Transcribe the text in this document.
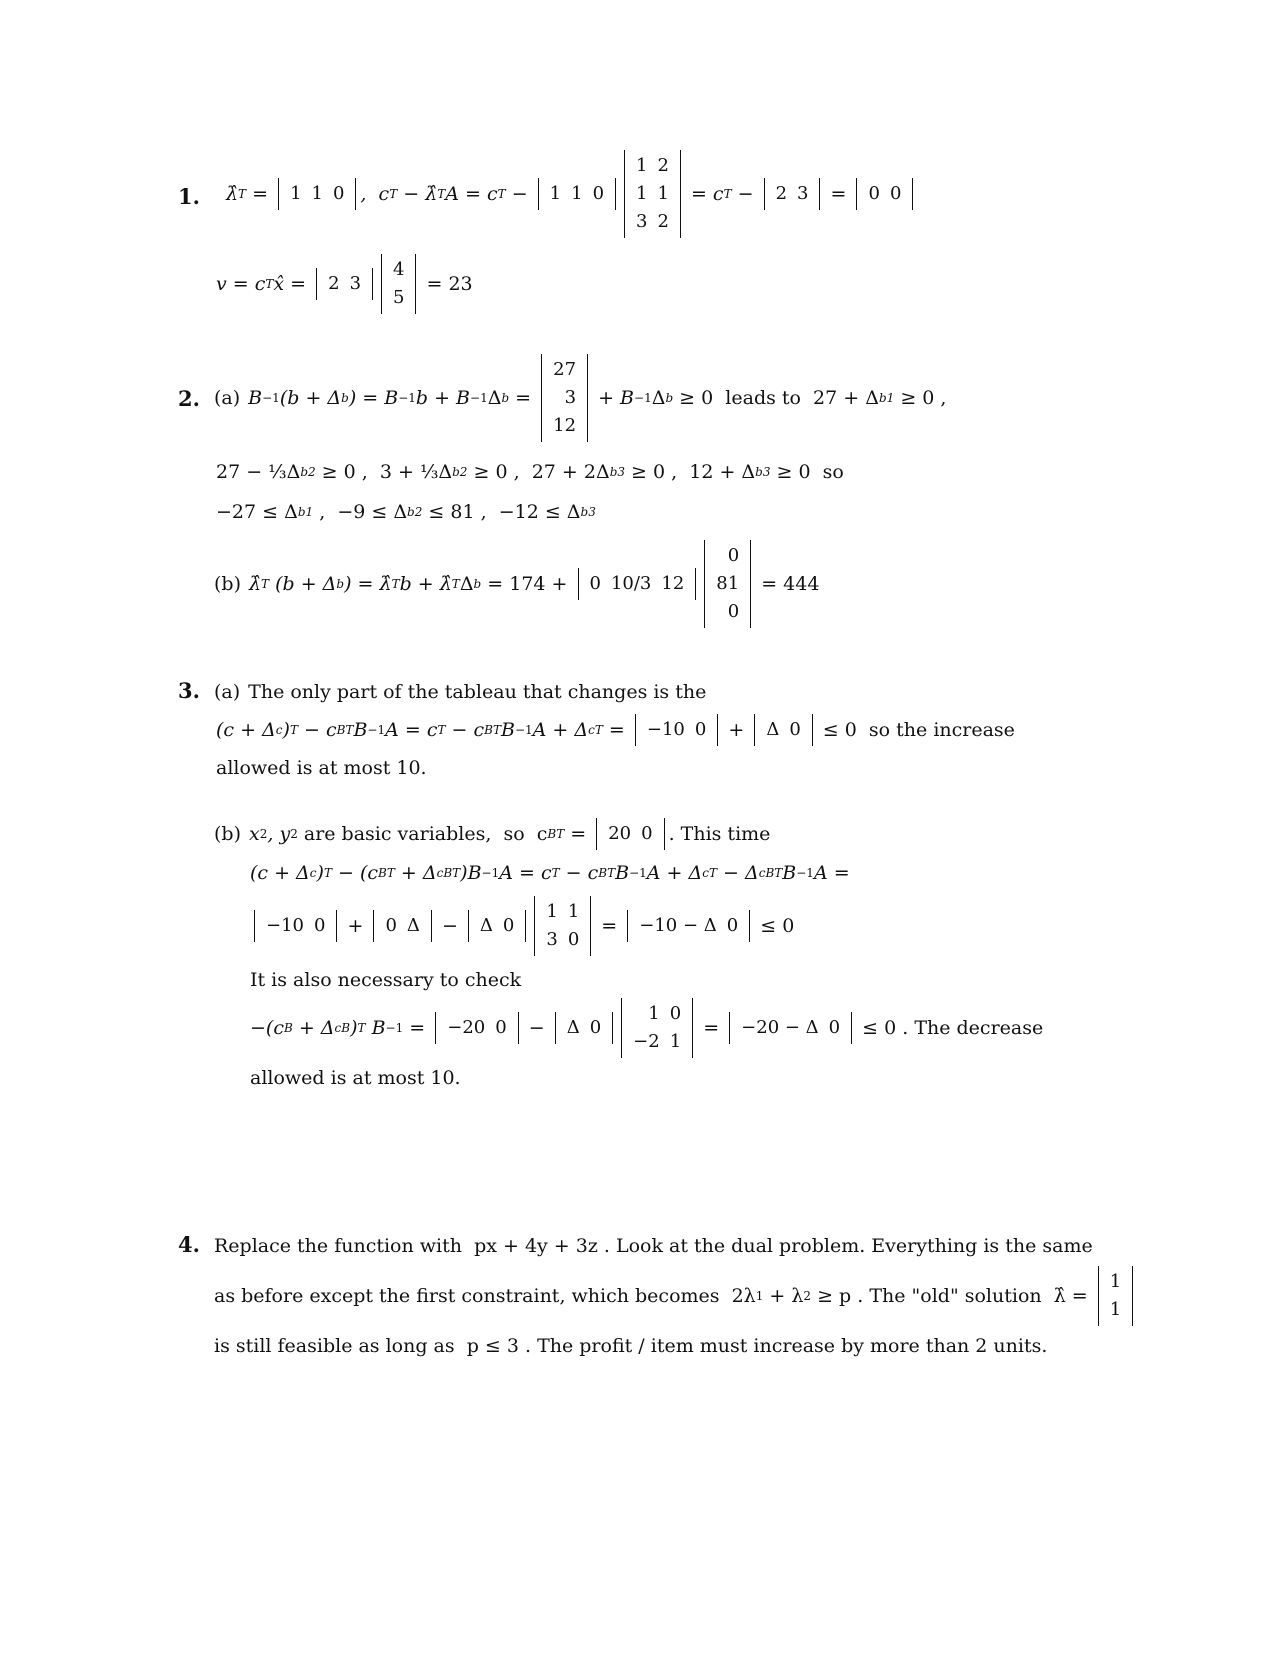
1. λ̂ T = 1	1	0 ,  c T − λ̂ T A = c T − 1	1	0
1	2
1	1
3	2
= c T − 2	3 = 0	0
v = c T x̂ = 2	3
4
5
= 23
2. (a) B −1 (b + Δ b ) = B −1 b + B −1 Δ b =
27
3
12
+ B −1 Δ b ≥ 0  leads to  27 + Δ b1 ≥ 0 ,
27 − ⅓Δ b2 ≥ 0 ,  3 + ⅓Δ b2 ≥ 0 ,  27 + 2Δ b3 ≥ 0 ,  12 + Δ b3 ≥ 0  so
−27 ≤ Δ b1 ,  −9 ≤ Δ b2 ≤ 81 ,  −12 ≤ Δ b3
(b) λ̂ T (b + Δ b ) = λ̂ T b + λ̂ T Δ b = 174 + 0	10/3	12
0
81
0
= 444
3. (a) The only part of the tableau that changes is the
(c + Δ c ) T − c B T B −1 A = c T − c B T B −1 A + Δ c T = −10	0 + Δ	0 ≤ 0  so the increase
allowed is at most 10.
(b) x 2 , y 2 are basic variables,  so  c B T = 20	0 . This time
(c + Δ c ) T − (c B T + Δ cB T )B −1 A = c T − c B T B −1 A + Δ c T − Δ cB T B −1 A =
−10	0 + 0	Δ − Δ	0
1	1
3	0
= −10 − Δ	0 ≤ 0
It is also necessary to check
−(c B + Δ cB ) T B −1 = −20	0 − Δ	0
1	0
−2	1
= −20 − Δ	0 ≤ 0 . The decrease
allowed is at most 10.
4. Replace the function with  px + 4y + 3z . Look at the dual problem. Everything is the same
as before except the first constraint, which becomes  2λ 1 + λ 2 ≥ p . The "old" solution  λ̂ =
1
1
is still feasible as long as  p ≤ 3 . The profit / item must increase by more than 2 units.
